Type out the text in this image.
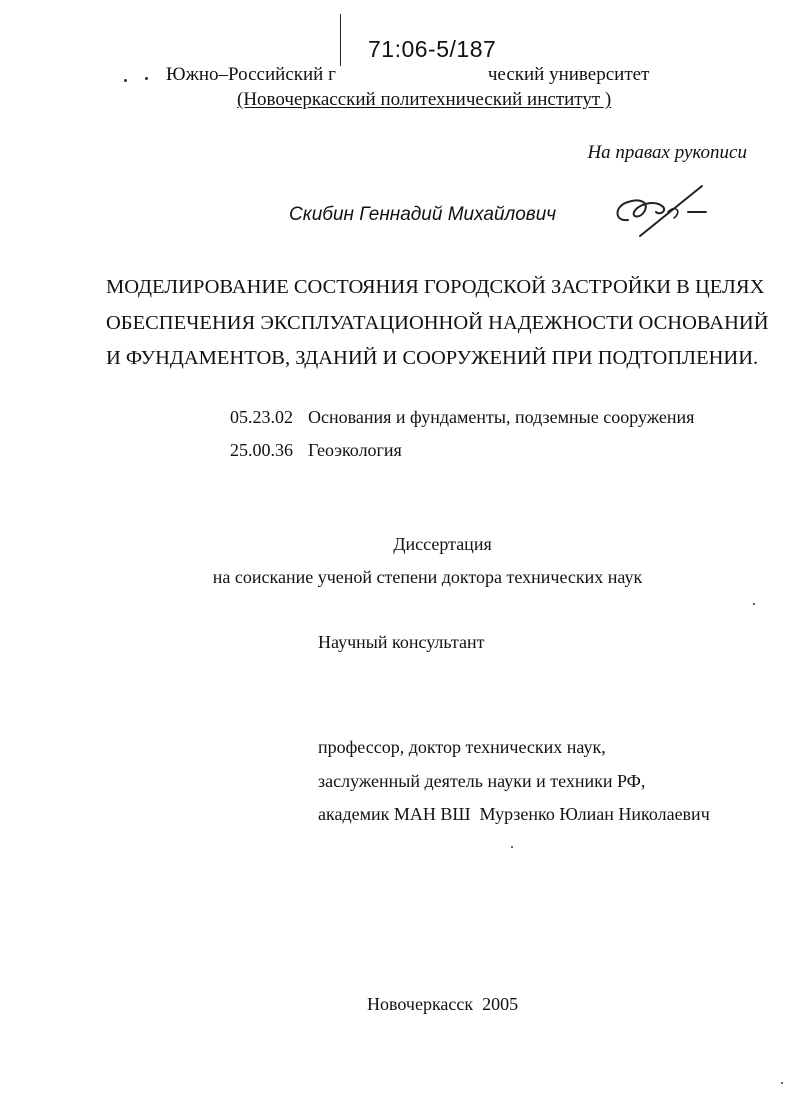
71:06-5/187
Южно–Российский г	ческий университет
(Новочеркасский политехнический институт )
На правах рукописи
Скибин Геннадий Михайлович
МОДЕЛИРОВАНИЕ СОСТОЯНИЯ ГОРОДСКОЙ ЗАСТРОЙКИ В ЦЕЛЯХ
ОБЕСПЕЧЕНИЯ ЭКСПЛУАТАЦИОННОЙ НАДЕЖНОСТИ ОСНОВАНИЙ
И ФУНДАМЕНТОВ, ЗДАНИЙ И СООРУЖЕНИЙ ПРИ ПОДТОПЛЕНИИ.
05.23.02 Основания и фундаменты, подземные сооружения
25.00.36 Геоэкология
Диссертация
на соискание ученой степени доктора технических наук
Научный консультант
профессор, доктор технических наук,
заслуженный деятель науки и техники РФ,
академик МАН ВШ  Мурзенко Юлиан Николаевич
Новочеркасск  2005
